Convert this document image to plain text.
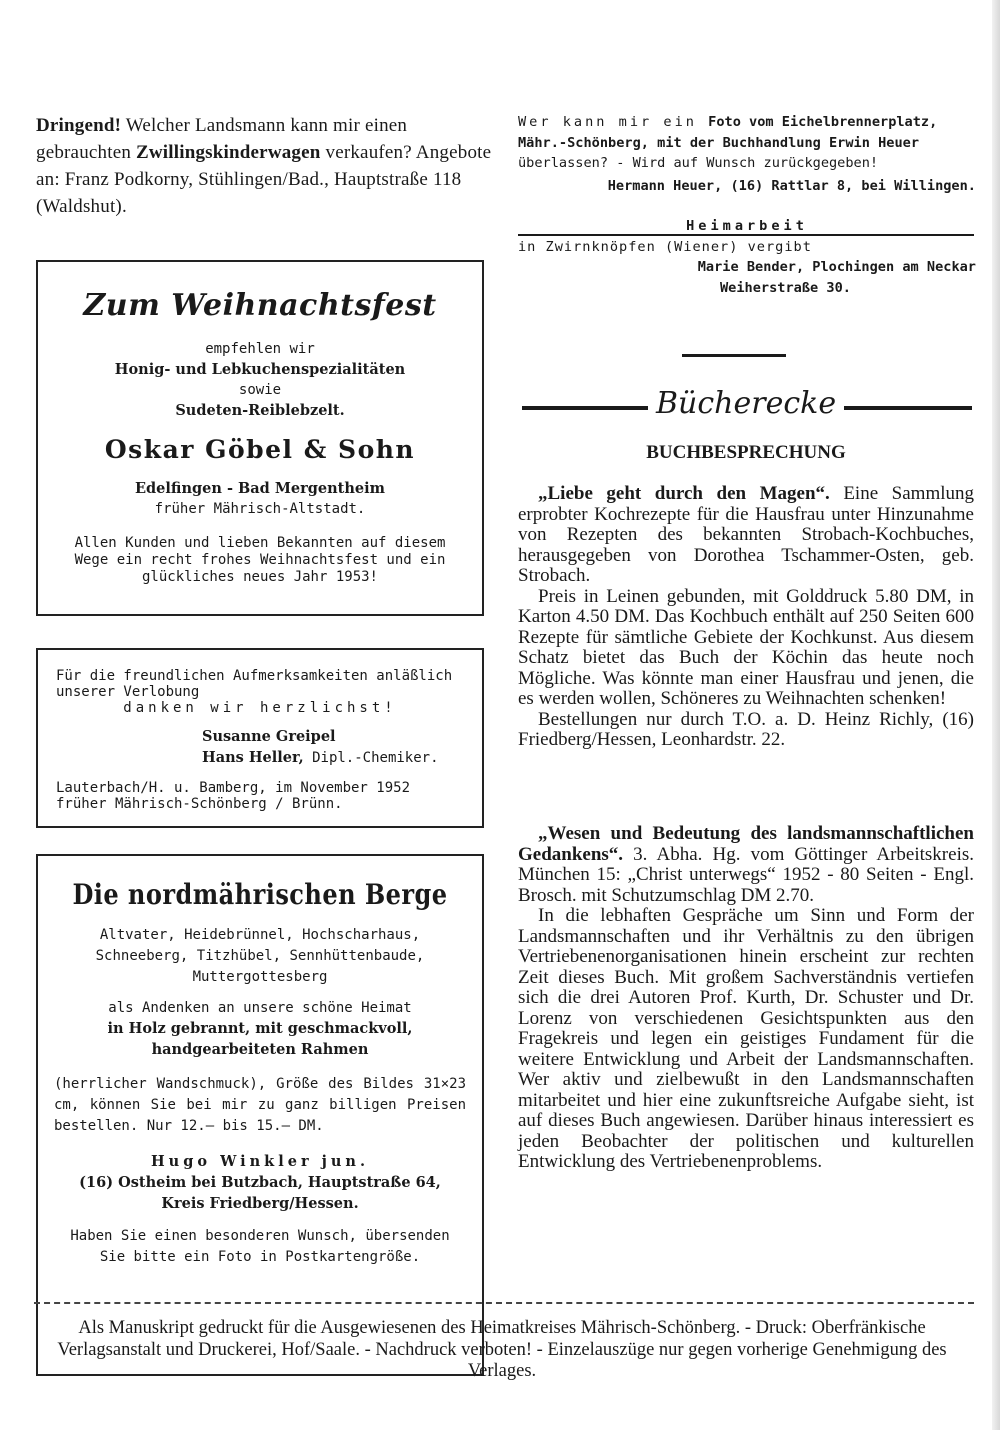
Dringend! Welcher Landsmann kann mir einen gebrauchten Zwillingskinderwagen verkaufen? Angebote an: Franz Podkorny, Stühlingen/Bad., Hauptstraße 118 (Waldshut).
Zum Weihnachtsfest
empfehlen wir
Honig- und Lebkuchenspezialitäten
sowie
Sudeten-Reiblebzelt.
Oskar Göbel & Sohn
Edelfingen - Bad Mergentheim
früher Mährisch-Altstadt.
Allen Kunden und lieben Bekannten auf diesem Wege ein recht frohes Weihnachtsfest und ein glückliches neues Jahr 1953!
Für die freundlichen Aufmerksamkeiten anläßlich unserer Verlobung
danken wir herzlichst!
Susanne Greipel
Hans Heller, Dipl.-Chemiker.
Lauterbach/H. u. Bamberg, im November 1952
früher Mährisch-Schönberg / Brünn.
Die nordmährischen Berge
Altvater, Heidebrünnel, Hochscharhaus, Schneeberg, Titzhübel, Sennhüttenbaude, Muttergottesberg
als Andenken an unsere schöne Heimat
in Holz gebrannt, mit geschmackvoll, handgearbeiteten Rahmen
(herrlicher Wandschmuck), Größe des Bildes 31×23 cm, können Sie bei mir zu ganz billigen Preisen bestellen. Nur 12.— bis 15.— DM.
Hugo Winkler jun.
(16) Ostheim bei Butzbach, Hauptstraße 64, Kreis Friedberg/Hessen.
Haben Sie einen besonderen Wunsch, übersenden Sie bitte ein Foto in Postkartengröße.
Wer kann mir ein Foto vom Eichelbrennerplatz, Mähr.-Schönberg, mit der Buchhandlung Erwin Heuer überlassen? - Wird auf Wunsch zurückgegeben!
Hermann Heuer, (16) Rattlar 8, bei Willingen.
Heimarbeit
in Zwirnknöpfen (Wiener) vergibt
Marie Bender, Plochingen am Neckar
Weiherstraße 30.
Bücherecke
BUCHBESPRECHUNG
„Liebe geht durch den Magen“. Eine Sammlung erprobter Kochrezepte für die Hausfrau unter Hinzunahme von Rezepten des bekannten Strobach-Kochbuches, herausgegeben von Dorothea Tschammer-Osten, geb. Strobach.
Preis in Leinen gebunden, mit Golddruck 5.80 DM, in Karton 4.50 DM. Das Kochbuch enthält auf 250 Seiten 600 Rezepte für sämtliche Gebiete der Kochkunst. Aus diesem Schatz bietet das Buch der Köchin das heute noch Mögliche. Was könnte man einer Hausfrau und jenen, die es werden wollen, Schöneres zu Weihnachten schenken!
Bestellungen nur durch T.O. a. D. Heinz Richly, (16) Friedberg/Hessen, Leonhardstr. 22.
„Wesen und Bedeutung des landsmannschaftlichen Gedankens“. 3. Abha. Hg. vom Göttinger Arbeitskreis. München 15: „Christ unterwegs“ 1952 - 80 Seiten - Engl. Brosch. mit Schutzumschlag DM 2.70.
In die lebhaften Gespräche um Sinn und Form der Landsmannschaften und ihr Verhältnis zu den übrigen Vertriebenenorganisationen hinein erscheint zur rechten Zeit dieses Buch. Mit großem Sachverständnis vertiefen sich die drei Autoren Prof. Kurth, Dr. Schuster und Dr. Lorenz von verschiedenen Gesichtspunkten aus den Fragekreis und legen ein geistiges Fundament für die weitere Entwicklung und Arbeit der Landsmannschaften. Wer aktiv und zielbewußt in den Landsmannschaften mitarbeitet und hier eine zukunftsreiche Aufgabe sieht, ist auf dieses Buch angewiesen. Darüber hinaus interessiert es jeden Beobachter der politischen und kulturellen Entwicklung des Vertriebenenproblems.
Als Manuskript gedruckt für die Ausgewiesenen des Heimatkreises Mährisch-Schönberg. - Druck: Oberfränkische Verlagsanstalt und Druckerei, Hof/Saale. - Nachdruck verboten! - Einzelauszüge nur gegen vorherige Genehmigung des Verlages.
